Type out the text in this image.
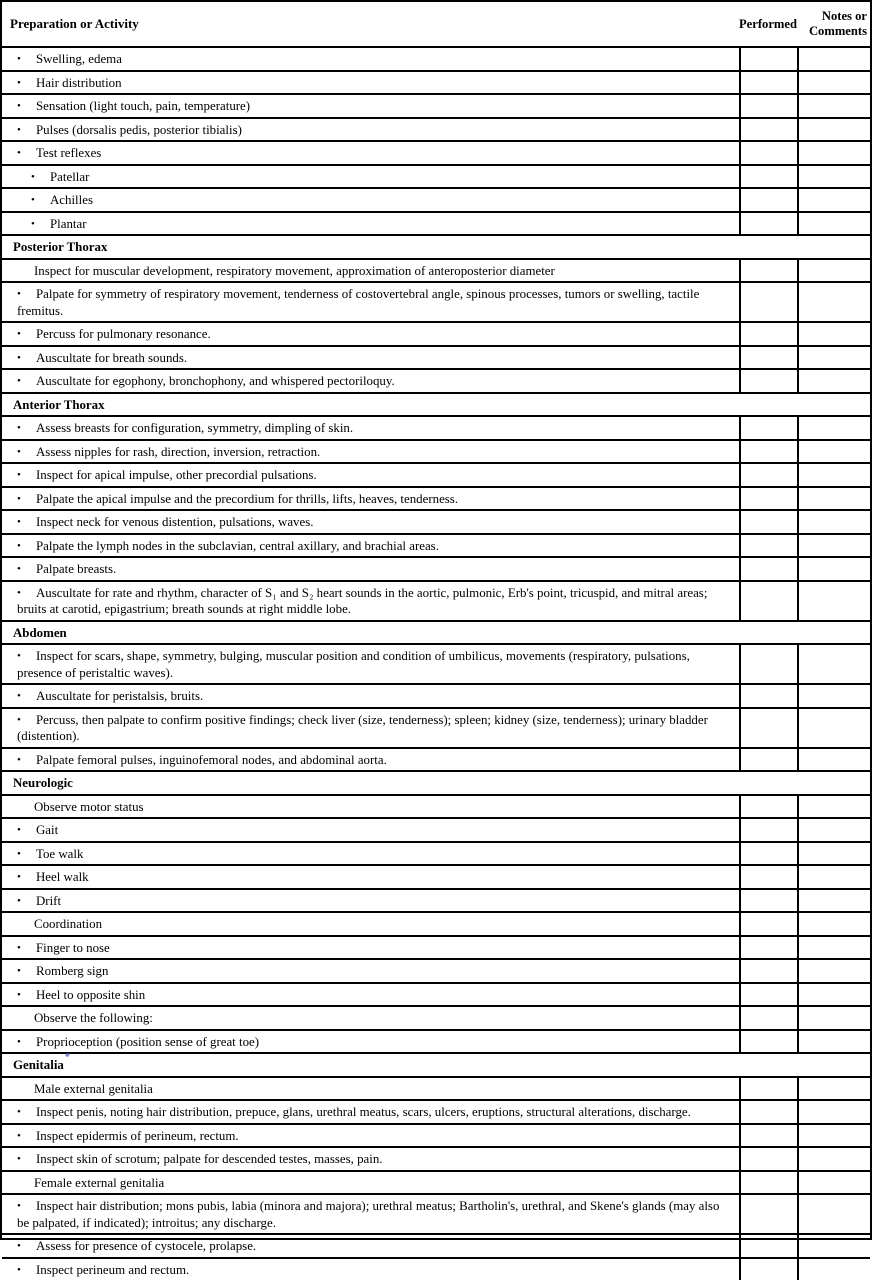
Preparation or Activity	Performed
Notes or Comments
• Swelling, edema
• Hair distribution
• Sensation (light touch, pain, temperature)
• Pulses (dorsalis pedis, posterior tibialis)
• Test reflexes
• Patellar
• Achilles
• Plantar
Posterior Thorax
Inspect for muscular development, respiratory movement, approximation of anteroposterior diameter
• Palpate for symmetry of respiratory movement, tenderness of costovertebral angle, spinous processes, tumors or swelling, tactile fremitus.
• Percuss for pulmonary resonance.
• Auscultate for breath sounds.
• Auscultate for egophony, bronchophony, and whispered pectoriloquy.
Anterior Thorax
• Assess breasts for configuration, symmetry, dimpling of skin.
• Assess nipples for rash, direction, inversion, retraction.
• Inspect for apical impulse, other precordial pulsations.
• Palpate the apical impulse and the precordium for thrills, lifts, heaves, tenderness.
• Inspect neck for venous distention, pulsations, waves.
• Palpate the lymph nodes in the subclavian, central axillary, and brachial areas.
• Palpate breasts.
• Auscultate for rate and rhythm, character of S₁ and S₂ heart sounds in the aortic, pulmonic, Erb's point, tricuspid, and mitral areas; bruits at carotid, epigastrium; breath sounds at right middle lobe.
Abdomen
• Inspect for scars, shape, symmetry, bulging, muscular position and condition of umbilicus, movements (respiratory, pulsations, presence of peristaltic waves).
• Auscultate for peristalsis, bruits.
• Percuss, then palpate to confirm positive findings; check liver (size, tenderness); spleen; kidney (size, tenderness); urinary bladder (distention).
• Palpate femoral pulses, inguinofemoral nodes, and abdominal aorta.
Neurologic
Observe motor status
• Gait
• Toe walk
• Heel walk
• Drift
Coordination
• Finger to nose
• Romberg sign
• Heel to opposite shin
Observe the following:
• Proprioception (position sense of great toe)
Genitalia*
Male external genitalia
• Inspect penis, noting hair distribution, prepuce, glans, urethral meatus, scars, ulcers, eruptions, structural alterations, discharge.
• Inspect epidermis of perineum, rectum.
• Inspect skin of scrotum; palpate for descended testes, masses, pain.
Female external genitalia
• Inspect hair distribution; mons pubis, labia (minora and majora); urethral meatus; Bartholin's, urethral, and Skene's glands (may also be palpated, if indicated); introitus; any discharge.
• Assess for presence of cystocele, prolapse.
• Inspect perineum and rectum.
